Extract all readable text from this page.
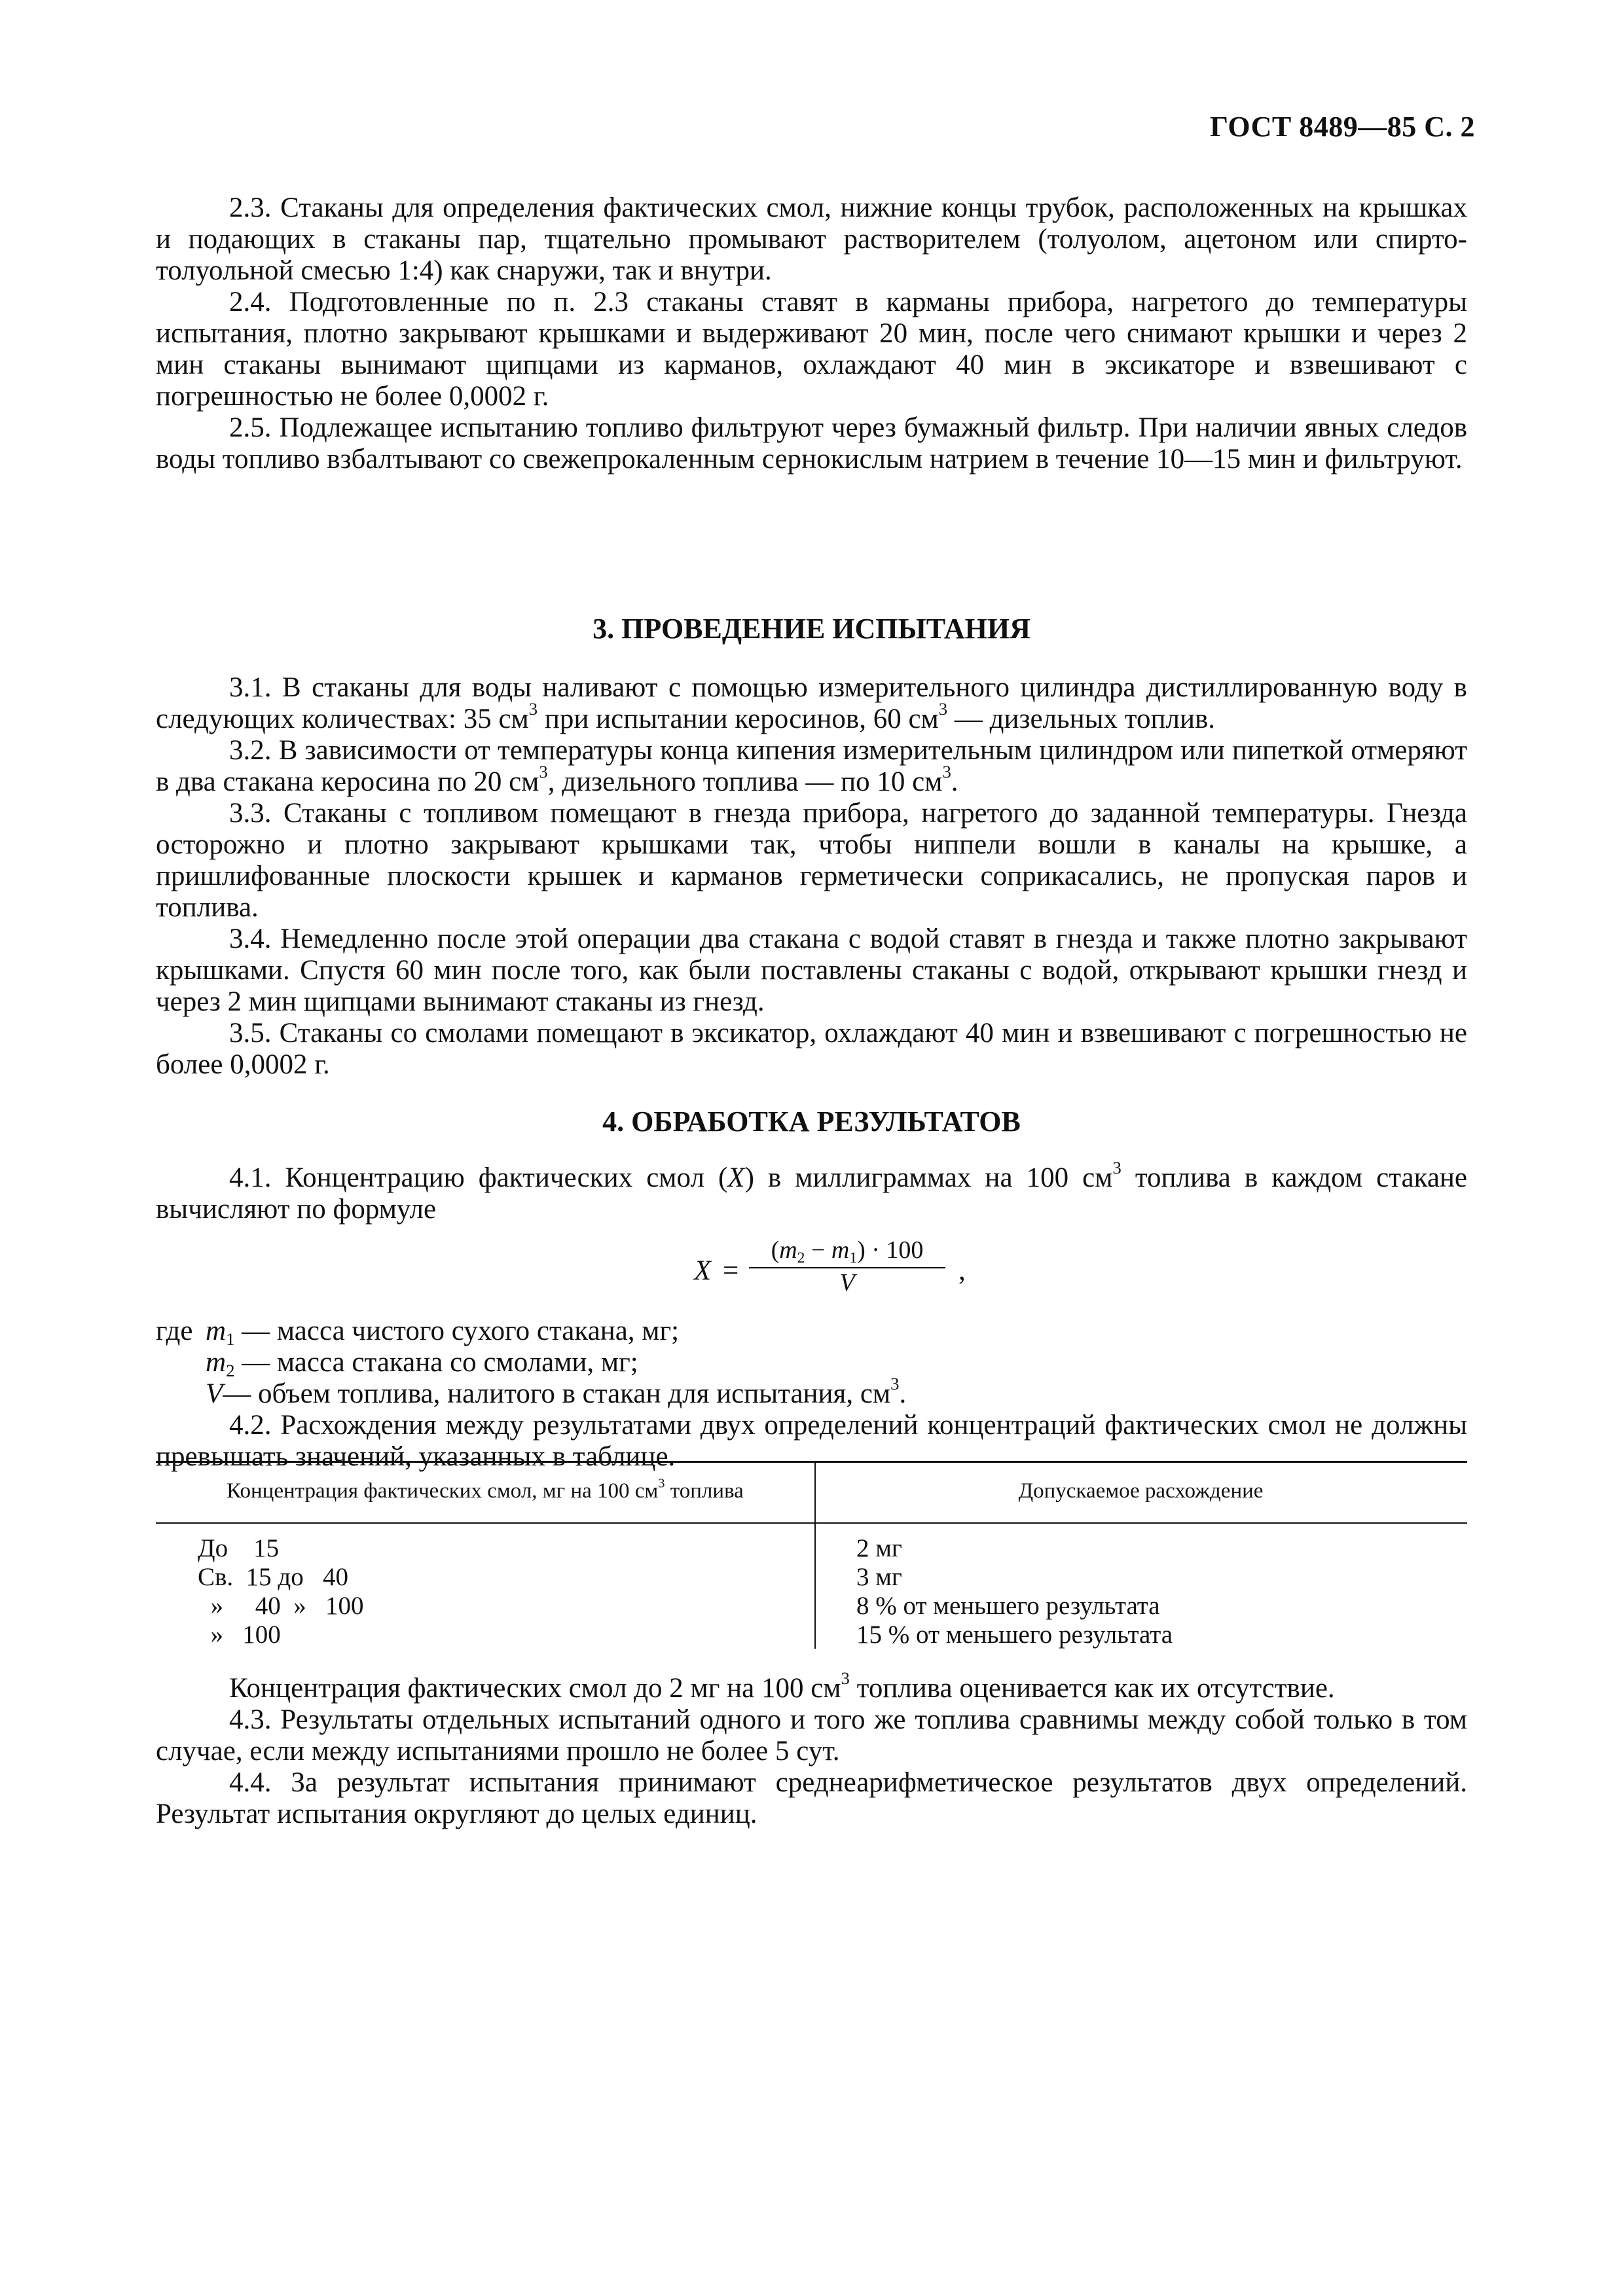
ГОСТ 8489—85 С. 2

2.3. Стаканы для определения фактических смол, нижние концы трубок, расположенных на крышках и подающих в стаканы пар, тщательно промывают растворителем (толуолом, ацетоном или спирто-толуольной смесью 1:4) как снаружи, так и внутри.

2.4. Подготовленные по п. 2.3 стаканы ставят в карманы прибора, нагретого до температуры испытания, плотно закрывают крышками и выдерживают 20 мин, после чего снимают крышки и через 2 мин стаканы вынимают щипцами из карманов, охлаждают 40 мин в эксикаторе и взвешивают с погрешностью не более 0,0002 г.

2.5. Подлежащее испытанию топливо фильтруют через бумажный фильтр. При наличии явных следов воды топливо взбалтывают со свежепрокаленным сернокислым натрием в течение 10—15 мин и фильтруют.

3. ПРОВЕДЕНИЕ ИСПЫТАНИЯ

3.1. В стаканы для воды наливают с помощью измерительного цилиндра дистиллированную воду в следующих количествах: 35 $см^3$ при испытании керосинов, 60 $см^3$ — дизельных топлив.

3.2. В зависимости от температуры конца кипения измерительным цилиндром или пипеткой отмеряют в два стакана керосина по 20 $см^3$, дизельного топлива — по 10 $см^3$.

3.3. Стаканы с топливом помещают в гнезда прибора, нагретого до заданной температуры. Гнезда осторожно и плотно закрывают крышками так, чтобы ниппели вошли в каналы на крышке, а пришлифованные плоскости крышек и карманов герметически соприкасались, не пропуская паров и топлива.

3.4. Немедленно после этой операции два стакана с водой ставят в гнезда и также плотно закрывают крышками. Спустя 60 мин после того, как были поставлены стаканы с водой, открывают крышки гнезд и через 2 мин щипцами вынимают стаканы из гнезд.

3.5. Стаканы со смолами помещают в эксикатор, охлаждают 40 мин и взвешивают с погрешностью не более 0,0002 г.

4. ОБРАБОТКА РЕЗУЛЬТАТОВ

4.1. Концентрацию фактических смол (X) в миллиграммах на 100 $см^3$ топлива в каждом стакане вычисляют по формуле

$X = \frac{(m_2 - m_1) \cdot 100}{V}$ ,
где $m_1$ — масса чистого сухого стакана, мг;
$m_2$ — масса стакана со смолами, мг;
V— объем топлива, налитого в стакан для испытания, $см^3$.

4.2. Расхождения между результатами двух определений концентраций фактических смол не должны превышать значений, указанных в таблице.

Концентрация фактических смол, мг на 100 $см^3$ топлива	Допускаемое расхождение
До    15
Св.  15 до   40
»     40  »   100
»   100
2 мг
3 мг
8 % от меньшего результата
15 % от меньшего результата

Концентрация фактических смол до 2 мг на 100 $см^3$ топлива оценивается как их отсутствие.

4.3. Результаты отдельных испытаний одного и того же топлива сравнимы между собой только в том случае, если между испытаниями прошло не более 5 сут.

4.4. За результат испытания принимают среднеарифметическое результатов двух определений. Результат испытания округляют до целых единиц.
